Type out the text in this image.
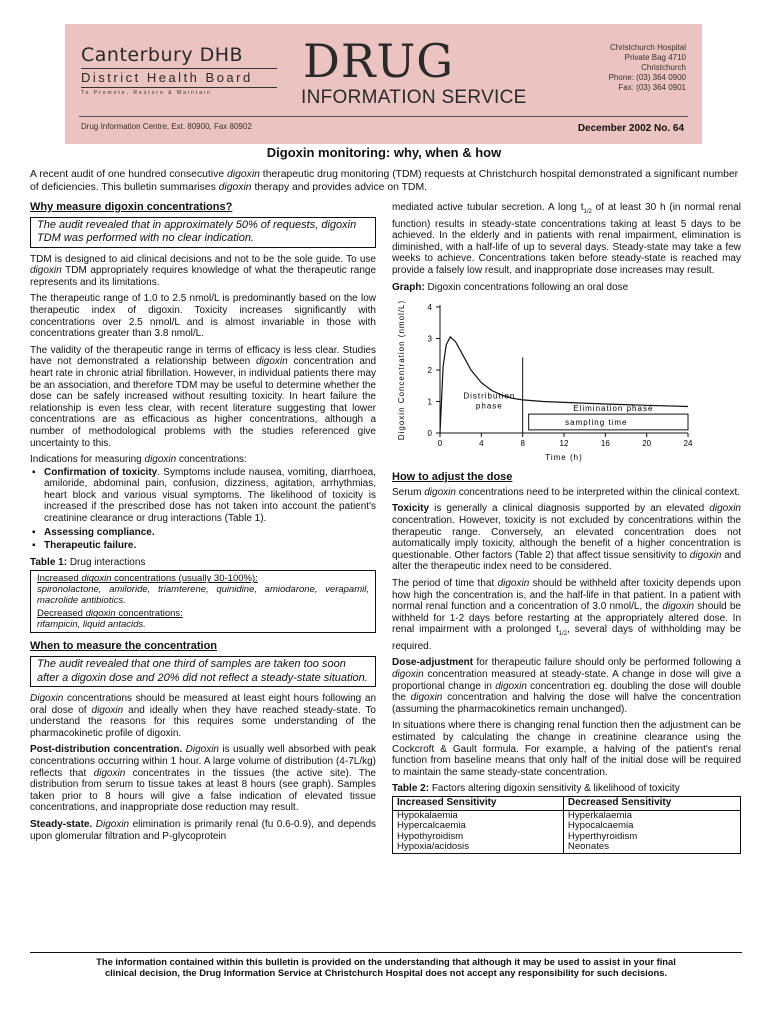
Canterbury DHB
District Health Board
To Promote, Restore & Maintain
DRUG
INFORMATION SERVICE
Christchurch Hospital
Private Bag 4710
Christchurch
Phone: (03) 364 0900
Fax: (03) 364 0901
Drug Information Centre, Ext. 80900, Fax 80902	December 2002 No. 64
Digoxin monitoring: why, when & how
A recent audit of one hundred consecutive digoxin therapeutic drug monitoring (TDM) requests at Christchurch hospital demonstrated a significant number of deficiencies. This bulletin summarises digoxin therapy and provides advice on TDM.
Why measure digoxin concentrations?
The audit revealed that in approximately 50% of requests, digoxin TDM was performed with no clear indication.

TDM is designed to aid clinical decisions and not to be the sole guide. To use digoxin TDM appropriately requires knowledge of what the therapeutic range represents and its limitations.

The therapeutic range of 1.0 to 2.5 nmol/L is predominantly based on the low therapeutic index of digoxin. Toxicity increases significantly with concentrations over 2.5 nmol/L and is almost invariable in those with concentrations greater than 3.8 nmol/L.

The validity of the therapeutic range in terms of efficacy is less clear. Studies have not demonstrated a relationship between digoxin concentration and heart rate in chronic atrial fibrillation. However, in individual patients there may be an association, and therefore TDM may be useful to determine whether the dose can be safely increased without resulting toxicity. In heart failure the relationship is even less clear, with recent literature suggesting that lower concentrations are as efficacious as higher concentrations, although a number of methodological problems with the studies referenced give uncertainty to this.

Indications for measuring digoxin concentrations:
▪ Confirmation of toxicity. Symptoms include nausea, vomiting, diarrhoea, amiloride, abdominal pain, confusion, dizziness, agitation, arrhythmias, heart block and various visual symptoms. The likelihood of toxicity is increased if the prescribed dose has not taken into account the patient's creatinine clearance or drug interactions (Table 1).
▪ Assessing compliance.
▪ Therapeutic failure.
Table 1: Drug interactions
Increased digoxin concentrations (usually 30-100%):
spironolactone, amiloride, triamterene, quinidine, amiodarone, verapamil, macrolide antibiotics.
Decreased digoxin concentrations:
rifampicin, liquid antacids.
When to measure the concentration
The audit revealed that one third of samples are taken too soon after a digoxin dose and 20% did not reflect a steady-state situation.

Digoxin concentrations should be measured at least eight hours following an oral dose of digoxin and ideally when they have reached steady-state. To understand the reasons for this requires some understanding of the pharmacokinetic profile of digoxin.

Post-distribution concentration. Digoxin is usually well absorbed with peak concentrations occurring within 1 hour. A large volume of distribution (4-7L/kg) reflects that digoxin concentrates in the tissues (the active site). The distribution from serum to tissue takes at least 8 hours (see graph). Samples taken prior to 8 hours will give a false indication of elevated tissue concentrations, and inappropriate dose reduction may result.

Steady-state. Digoxin elimination is primarily renal (fu 0.6-0.9), and depends upon glomerular filtration and P-glycoprotein

mediated active tubular secretion. A long $t_{1/2}$ of at least 30 h (in normal renal function) results in steady-state concentrations taking at least 5 days to be achieved. In the elderly and in patients with renal impairment, elimination is diminished, with a half-life of up to several days. Steady-state may take a few weeks to achieve. Concentrations taken before steady-state is reached may provide a falsely low result, and inappropriate dose increases may result.

Graph: Digoxin concentrations following an oral dose
0
1
2
3
4
0	4	8	12	16	20	24
Time (h)
Digoxin Concentration (nmol/L)	Distribution
phase	Elimination phase
sampling time
How to adjust the dose

Serum digoxin concentrations need to be interpreted within the clinical context.

Toxicity is generally a clinical diagnosis supported by an elevated digoxin concentration. However, toxicity is not excluded by concentrations within the therapeutic range. Conversely, an elevated concentration does not automatically imply toxicity, although the benefit of a higher concentration is questionable. Other factors (Table 2) that affect tissue sensitivity to digoxin and alter the therapeutic index need to be considered.

The period of time that digoxin should be withheld after toxicity depends upon how high the concentration is, and the half-life in that patient. In a patient with normal renal function and a concentration of 3.0 nmol/L, the digoxin should be withheld for 1-2 days before restarting at the appropriately altered dose. In renal impairment with a prolonged $t_{1/2}$, several days of withholding may be required.

Dose-adjustment for therapeutic failure should only be performed following a digoxin concentration measured at steady-state. A change in dose will give a proportional change in digoxin concentration eg. doubling the dose will double the digoxin concentration and halving the dose will halve the concentration (assuming the pharmacokinetics remain unchanged).

In situations where there is changing renal function then the adjustment can be estimated by calculating the change in creatinine clearance using the Cockcroft & Gault formula. For example, a halving of the patient's renal function from baseline means that only half of the initial dose will be required to maintain the same steady-state concentration.

Table 2: Factors altering digoxin sensitivity & likelihood of toxicity
Increased Sensitivity	Decreased Sensitivity
Hypokalaemia	Hyperkalaemia
Hypercalcaemia	Hypocalcaemia
Hypothyroidism	Hyperthyroidism
Hypoxia/acidosis	Neonates
The information contained within this bulletin is provided on the understanding that although it may be used to assist in your final clinical decision, the Drug Information Service at Christchurch Hospital does not accept any responsibility for such decisions.
